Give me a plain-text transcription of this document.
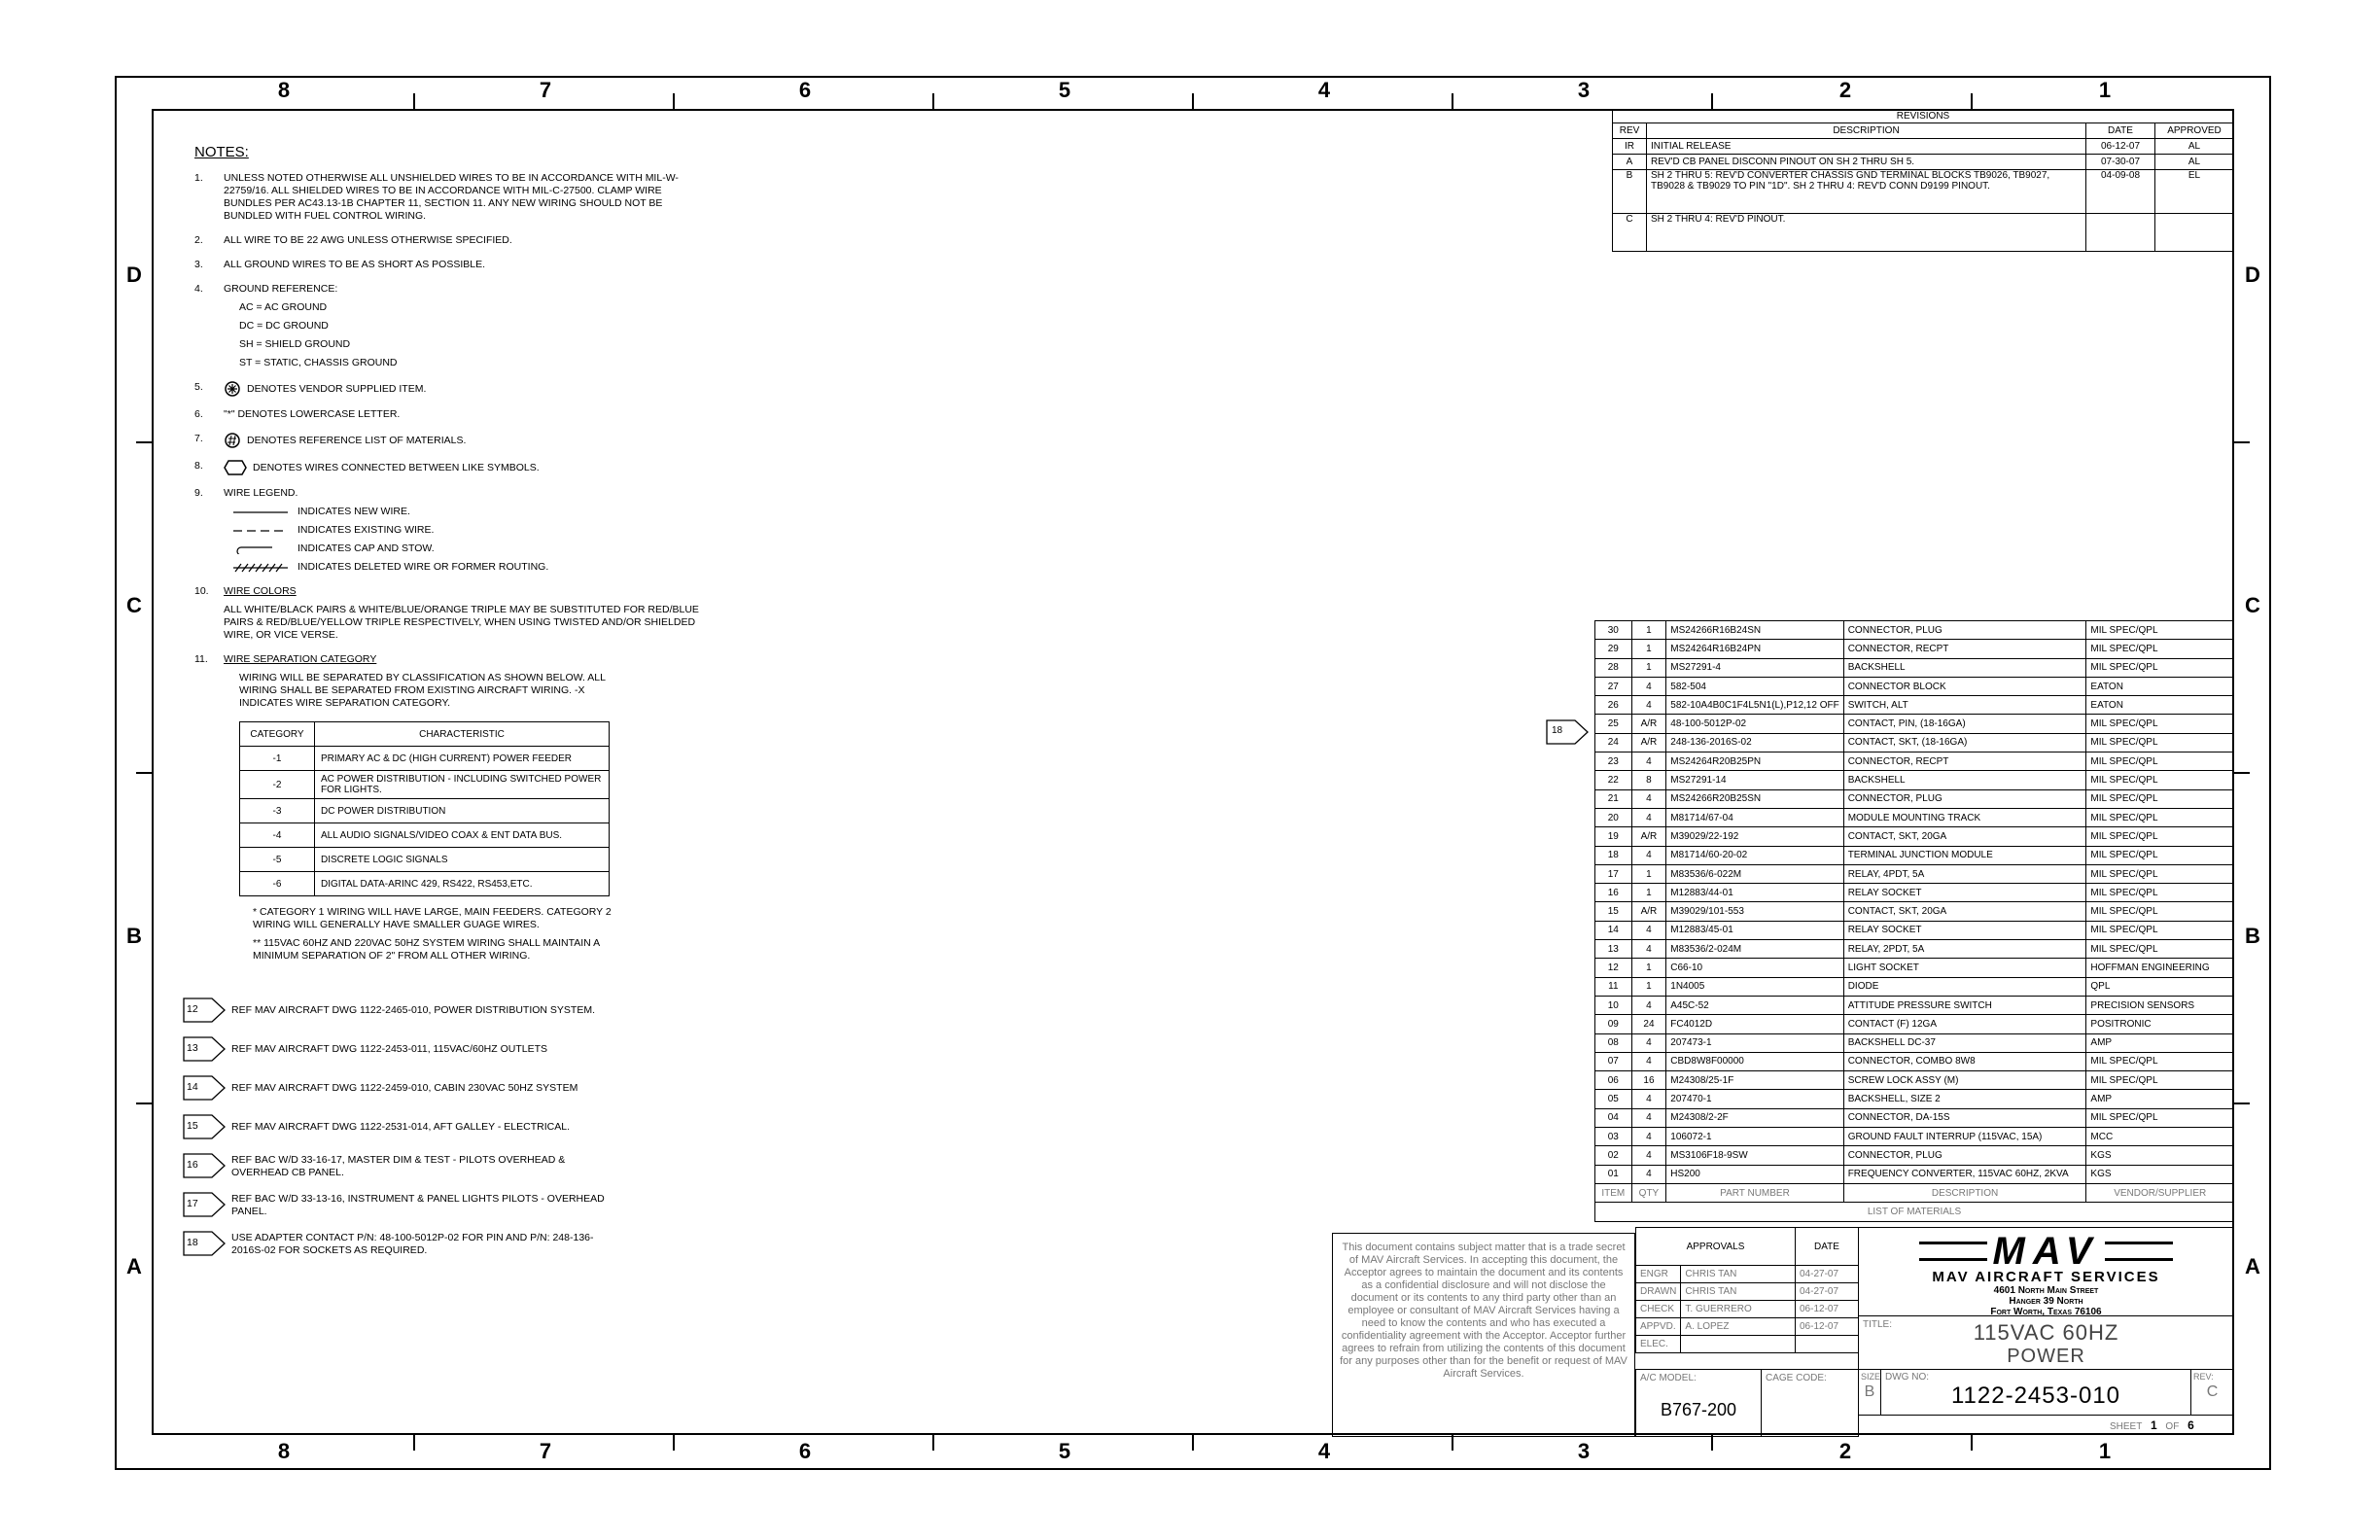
8	7	6	5	4	3	2	1
8	7	6	5	4	3	2	1
D
C
B
A
D
C
B
A
NOTES:
1. UNLESS NOTED OTHERWISE ALL UNSHIELDED WIRES TO BE IN ACCORDANCE WITH MIL-W-22759/16. ALL SHIELDED WIRES TO BE IN ACCORDANCE WITH MIL-C-27500. CLAMP WIRE BUNDLES PER AC43.13-1B CHAPTER 11, SECTION 11. ANY NEW WIRING SHOULD NOT BE BUNDLED WITH FUEL CONTROL WIRING.
2. ALL WIRE TO BE 22 AWG UNLESS OTHERWISE SPECIFIED.
3. ALL GROUND WIRES TO BE AS SHORT AS POSSIBLE.
4. GROUND REFERENCE:
AC = AC GROUND
DC = DC GROUND
SH = SHIELD GROUND
ST = STATIC, CHASSIS GROUND
5.	DENOTES VENDOR SUPPLIED ITEM.
6. "*" DENOTES LOWERCASE LETTER.
7.	DENOTES REFERENCE LIST OF MATERIALS.
8.	DENOTES WIRES CONNECTED BETWEEN LIKE SYMBOLS.
9. WIRE LEGEND.
INDICATES NEW WIRE.
INDICATES EXISTING WIRE.
INDICATES CAP AND STOW.
INDICATES DELETED WIRE OR FORMER ROUTING.
10. WIRE COLORS
ALL WHITE/BLACK PAIRS & WHITE/BLUE/ORANGE TRIPLE MAY BE SUBSTITUTED FOR RED/BLUE PAIRS & RED/BLUE/YELLOW TRIPLE RESPECTIVELY, WHEN USING TWISTED AND/OR SHIELDED WIRE, OR VICE VERSE.
11. WIRE SEPARATION CATEGORY
WIRING WILL BE SEPARATED BY CLASSIFICATION AS SHOWN BELOW. ALL WIRING SHALL BE SEPARATED FROM EXISTING AIRCRAFT WIRING. -X INDICATES WIRE SEPARATION CATEGORY.
CATEGORY	CHARACTERISTIC
-1	PRIMARY AC & DC (HIGH CURRENT) POWER FEEDER
-2	AC POWER DISTRIBUTION - INCLUDING SWITCHED POWER FOR LIGHTS.
-3	DC POWER DISTRIBUTION
-4	ALL AUDIO SIGNALS/VIDEO COAX & ENT DATA BUS.
-5	DISCRETE LOGIC SIGNALS
-6	DIGITAL DATA-ARINC 429, RS422, RS453,ETC.
* CATEGORY 1 WIRING WILL HAVE LARGE, MAIN FEEDERS. CATEGORY 2 WIRING WILL GENERALLY HAVE SMALLER GUAGE WIRES.
** 115VAC 60HZ AND 220VAC 50HZ SYSTEM WIRING SHALL MAINTAIN A MINIMUM SEPARATION OF 2" FROM ALL OTHER WIRING.
12	REF MAV AIRCRAFT DWG 1122-2465-010, POWER DISTRIBUTION SYSTEM.
13	REF MAV AIRCRAFT DWG 1122-2453-011, 115VAC/60HZ OUTLETS
14	REF MAV AIRCRAFT DWG 1122-2459-010, CABIN 230VAC 50HZ SYSTEM
15	REF MAV AIRCRAFT DWG 1122-2531-014, AFT GALLEY - ELECTRICAL.
16	REF BAC W/D 33-16-17, MASTER DIM & TEST - PILOTS OVERHEAD & OVERHEAD CB PANEL.
17	REF BAC W/D 33-13-16, INSTRUMENT & PANEL LIGHTS PILOTS - OVERHEAD PANEL.
18	USE ADAPTER CONTACT P/N: 48-100-5012P-02 FOR PIN AND P/N: 248-136-2016S-02 FOR SOCKETS AS REQUIRED.
REVISIONS			
REV	DESCRIPTION	DATE	APPROVED
IR	INITIAL RELEASE	06-12-07	AL
A	REV'D CB PANEL DISCONN PINOUT ON SH 2 THRU SH 5.	07-30-07	AL
B	SH 2 THRU 5: REV'D CONVERTER CHASSIS GND TERMINAL BLOCKS TB9026, TB9027, TB9028 & TB9029 TO PIN "1D". SH 2 THRU 4: REV'D CONN D9199 PINOUT.	04-09-08	EL
C	SH 2 THRU 4: REV'D PINOUT.		
18
30	1	MS24266R16B24SN	CONNECTOR, PLUG	MIL SPEC/QPL
29	1	MS24264R16B24PN	CONNECTOR, RECPT	MIL SPEC/QPL
28	1	MS27291-4	BACKSHELL	MIL SPEC/QPL
27	4	582-504	CONNECTOR BLOCK	EATON
26	4	582-10A4B0C1F4L5N1(L),P12,12 OFF	SWITCH, ALT	EATON
25	A/R	48-100-5012P-02	CONTACT, PIN, (18-16GA)	MIL SPEC/QPL
24	A/R	248-136-2016S-02	CONTACT, SKT, (18-16GA)	MIL SPEC/QPL
23	4	MS24264R20B25PN	CONNECTOR, RECPT	MIL SPEC/QPL
22	8	MS27291-14	BACKSHELL	MIL SPEC/QPL
21	4	MS24266R20B25SN	CONNECTOR, PLUG	MIL SPEC/QPL
20	4	M81714/67-04	MODULE MOUNTING TRACK	MIL SPEC/QPL
19	A/R	M39029/22-192	CONTACT, SKT, 20GA	MIL SPEC/QPL
18	4	M81714/60-20-02	TERMINAL JUNCTION MODULE	MIL SPEC/QPL
17	1	M83536/6-022M	RELAY, 4PDT, 5A	MIL SPEC/QPL
16	1	M12883/44-01	RELAY SOCKET	MIL SPEC/QPL
15	A/R	M39029/101-553	CONTACT, SKT, 20GA	MIL SPEC/QPL
14	4	M12883/45-01	RELAY SOCKET	MIL SPEC/QPL
13	4	M83536/2-024M	RELAY, 2PDT, 5A	MIL SPEC/QPL
12	1	C66-10	LIGHT SOCKET	HOFFMAN ENGINEERING
11	1	1N4005	DIODE	QPL
10	4	A45C-52	ATTITUDE PRESSURE SWITCH	PRECISION SENSORS
09	24	FC4012D	CONTACT (F) 12GA	POSITRONIC
08	4	207473-1	BACKSHELL DC-37	AMP
07	4	CBD8W8F00000	CONNECTOR, COMBO 8W8	MIL SPEC/QPL
06	16	M24308/25-1F	SCREW LOCK ASSY (M)	MIL SPEC/QPL
05	4	207470-1	BACKSHELL, SIZE 2	AMP
04	4	M24308/2-2F	CONNECTOR, DA-15S	MIL SPEC/QPL
03	4	106072-1	GROUND FAULT INTERRUP (115VAC, 15A)	MCC
02	4	MS3106F18-9SW	CONNECTOR, PLUG	KGS
01	4	HS200	FREQUENCY CONVERTER, 115VAC 60HZ, 2KVA	KGS
ITEM	QTY	PART NUMBER	DESCRIPTION	VENDOR/SUPPLIER
LIST OF MATERIALS				
This document contains subject matter that is a trade secret of MAV Aircraft Services. In accepting this document, the Acceptor agrees to maintain the document and its contents as a confidential disclosure and will not disclose the document or its contents to any third party other than an employee or consultant of MAV Aircraft Services having a need to know the contents and who has executed a confidentiality agreement with the Acceptor. Acceptor further agrees to refrain from utilizing the contents of this document for any purposes other than for the benefit or request of MAV Aircraft Services.
APPROVALS		DATE
ENGR	CHRIS TAN	04-27-07
DRAWN	CHRIS TAN	04-27-07
CHECK	T. GUERRERO	06-12-07
APPVD.	A. LOPEZ	06-12-07
ELEC.		
A/C MODEL:
B767-200
CAGE CODE:
MAV
MAV AIRCRAFT SERVICES
4601 North Main Street
Hanger 39 North
Fort Worth, Texas 76106
TITLE:	115VAC 60HZ
POWER
SIZE
B
DWG NO:
1122-2453-010
REV:
C
SHEET 1 OF 6
